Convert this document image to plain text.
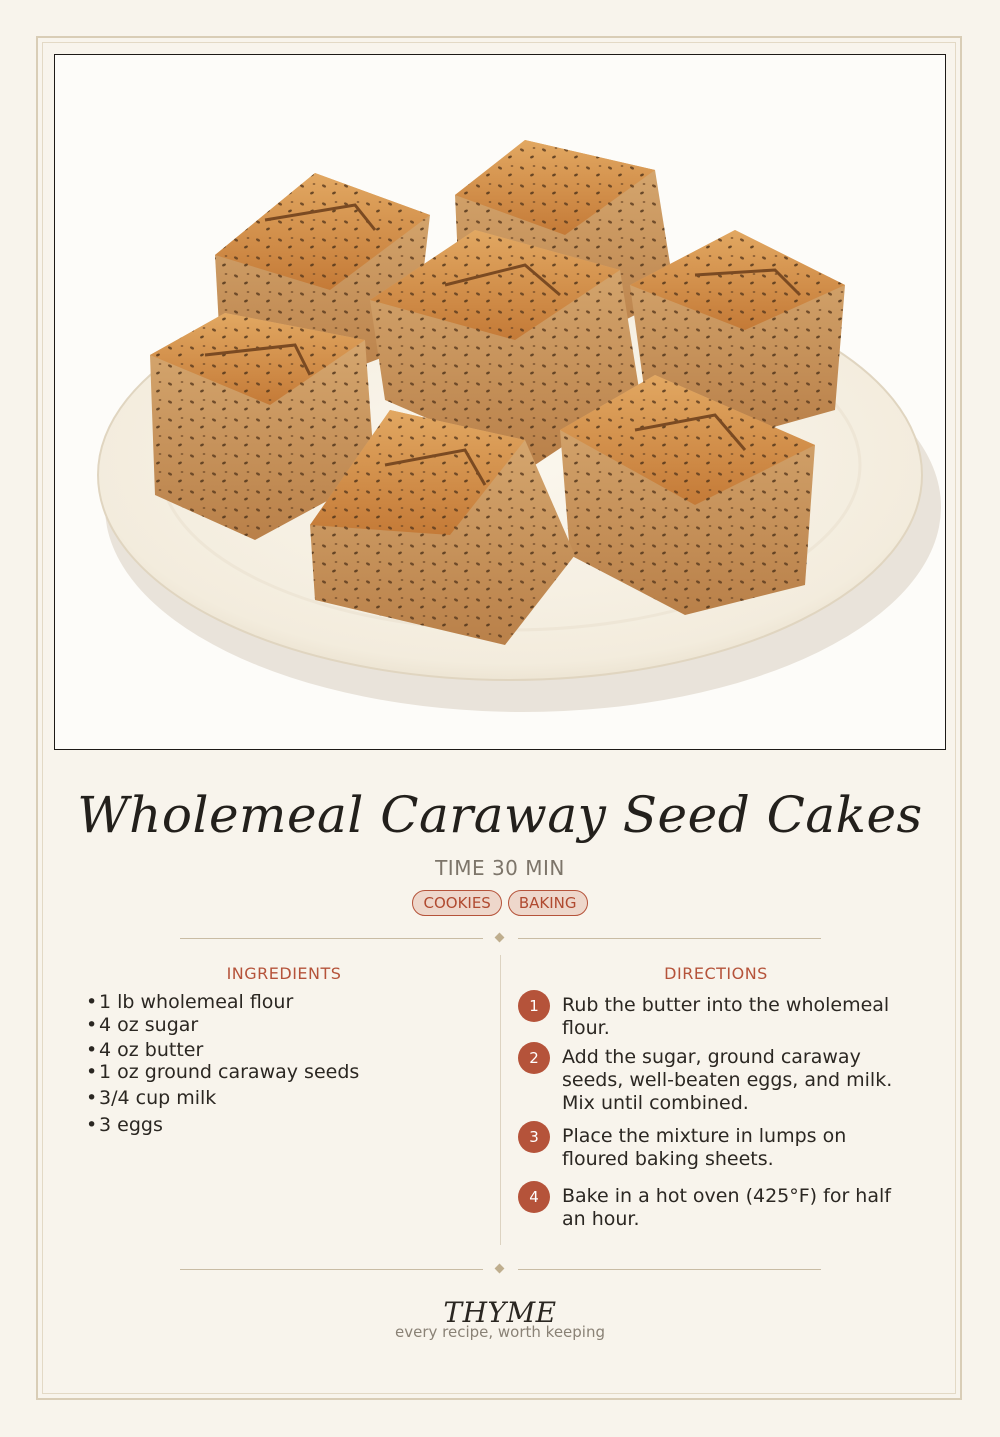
Wholemeal Caraway Seed Cakes
TIME 30 MIN
COOKIES BAKING
INGREDIENTS
•1 lb wholemeal flour
•4 oz sugar
•4 oz butter
•1 oz ground caraway seeds
•3/4 cup milk
•3 eggs
DIRECTIONS
1	Rub the butter into the wholemeal flour.
2	Add the sugar, ground caraway seeds, well-beaten eggs, and milk. Mix until combined.
3	Place the mixture in lumps on floured baking sheets.
4	Bake in a hot oven (425°F) for half an hour.
THYME
every recipe, worth keeping
